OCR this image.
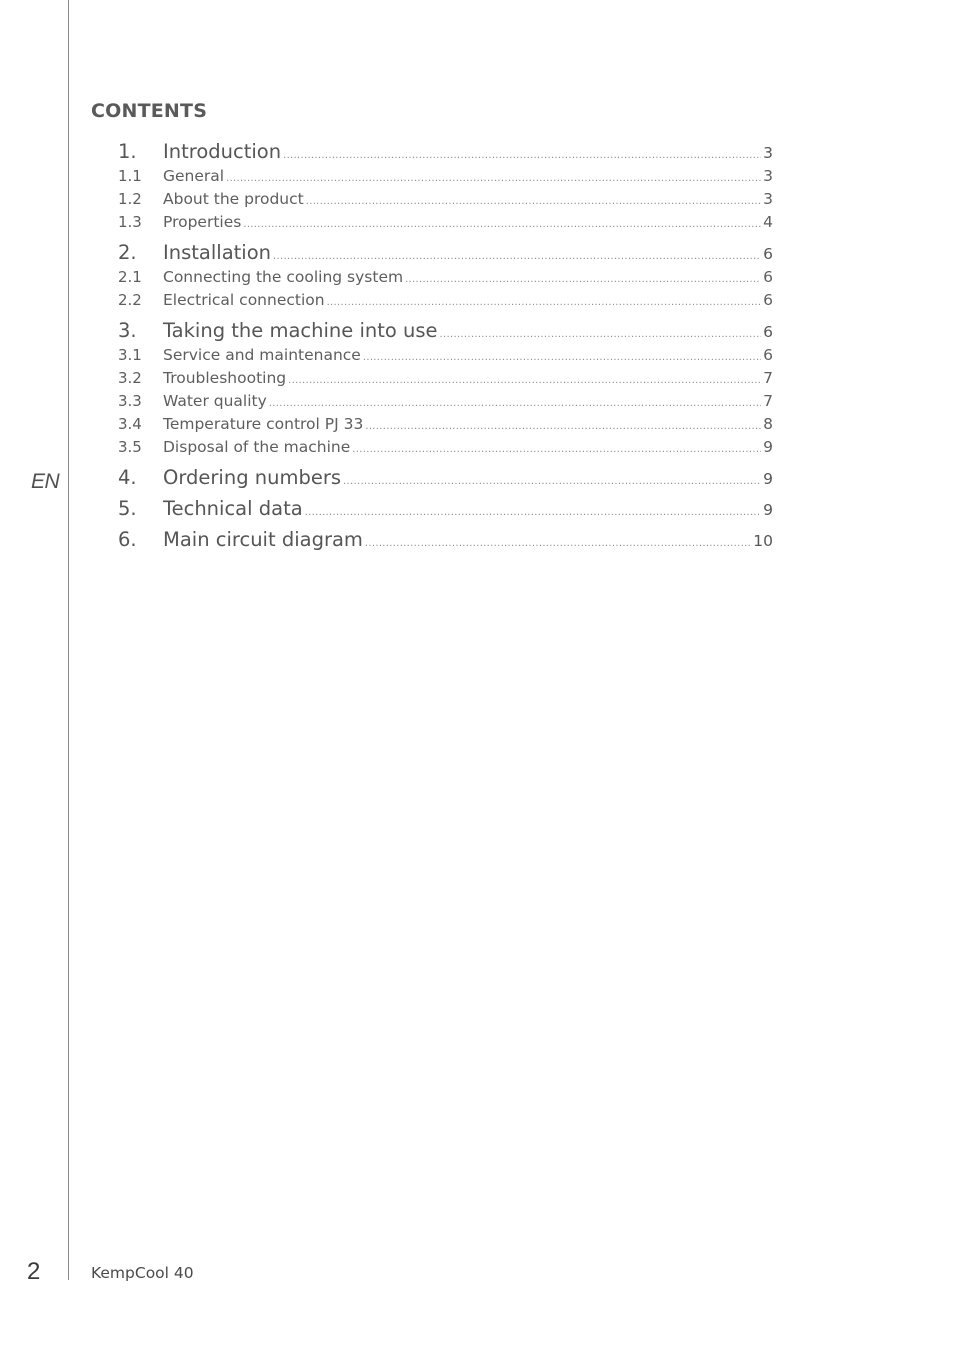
EN
CONTENTS
1.	Introduction .....	3
1.1	General .....	3
1.2	About the product .....	3
1.3	Properties .....	4
2.	Installation .....	6
2.1	Connecting the cooling system .....	6
2.2	Electrical connection .....	6
3.	Taking the machine into use .....	6
3.1	Service and maintenance .....	6
3.2	Troubleshooting .....	7
3.3	Water quality .....	7
3.4	Temperature control PJ 33 .....	8
3.5	Disposal of the machine .....	9
4.	Ordering numbers .....	9
5.	Technical data .....	9
6.	Main circuit diagram .....	10
2	KempCool 40
